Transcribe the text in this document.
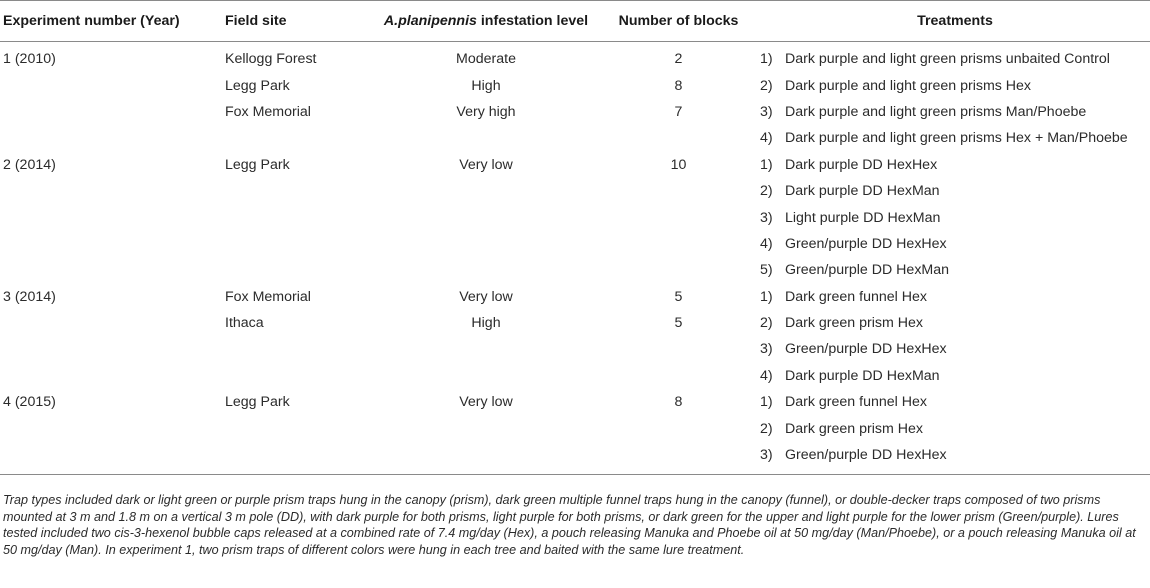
Experiment number (Year)	Field site	A.planipennis infestation level	Number of blocks	Treatments
1 (2010)	Kellogg Forest	Moderate	2	1) Dark purple and light green prisms unbaited Control
	Legg Park	High	8	2) Dark purple and light green prisms Hex
	Fox Memorial	Very high	7	3) Dark purple and light green prisms Man/Phoebe
				4) Dark purple and light green prisms Hex + Man/Phoebe
2 (2014)	Legg Park	Very low	10	1) Dark purple DD HexHex
				2) Dark purple DD HexMan
				3) Light purple DD HexMan
				4) Green/purple DD HexHex
				5) Green/purple DD HexMan
3 (2014)	Fox Memorial	Very low	5	1) Dark green funnel Hex
	Ithaca	High	5	2) Dark green prism Hex
				3) Green/purple DD HexHex
				4) Dark purple DD HexMan
4 (2015)	Legg Park	Very low	8	1) Dark green funnel Hex
				2) Dark green prism Hex
				3) Green/purple DD HexHex
Trap types included dark or light green or purple prism traps hung in the canopy (prism), dark green multiple funnel traps hung in the canopy (funnel), or double-decker traps composed of two prisms mounted at 3 m and 1.8 m on a vertical 3 m pole (DD), with dark purple for both prisms, light purple for both prisms, or dark green for the upper and light purple for the lower prism (Green/purple). Lures tested included two cis-3-hexenol bubble caps released at a combined rate of 7.4 mg/day (Hex), a pouch releasing Manuka and Phoebe oil at 50 mg/day (Man/Phoebe), or a pouch releasing Manuka oil at 50 mg/day (Man). In experiment 1, two prism traps of different colors were hung in each tree and baited with the same lure treatment.
